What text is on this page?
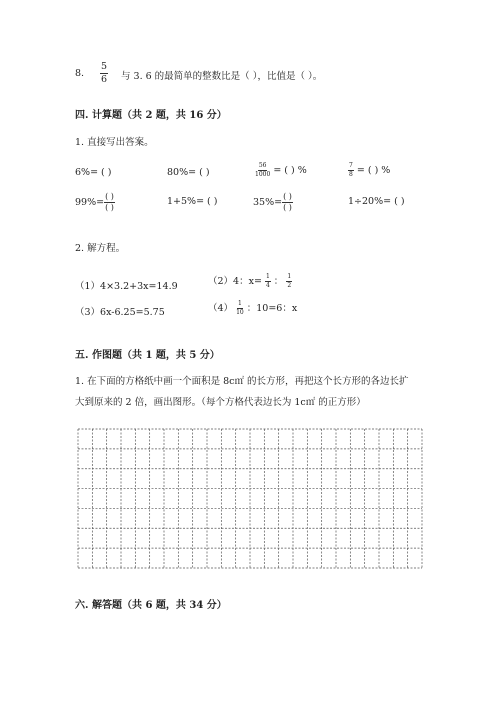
8. $\frac{5}{6}$ 与 3. 6 的最简单的整数比是（ ），比值是（ ）。
四. 计算题（共 2 题，共 16 分）
1. 直接写出答案。
6%= ( )	80%= ( )	$\frac{56}{1000}$ = ( ) %	$\frac{7}{8}$ = ( ) %
$99\%= \frac{( )}{( )}$	1+5%= ( )	$35\%= \frac{( )}{( )}$	1÷20%= ( )
2. 解方程。
（1）4×3.2+3x=14.9	（2）4：$x= \frac{1}{4}$ ： $\frac{1}{2}$
（3）6x-6.25=5.75	$(4) \frac{1}{10}$ ：10=6：x
五. 作图题（共 1 题，共 5 分）
1. 在下面的方格纸中画一个面积是 8c㎡ 的长方形，再把这个长方形的各边长扩
大到原来的 2 倍，画出图形。（每个方格代表边长为 1c㎡ 的正方形）
六. 解答题（共 6 题，共 34 分）
